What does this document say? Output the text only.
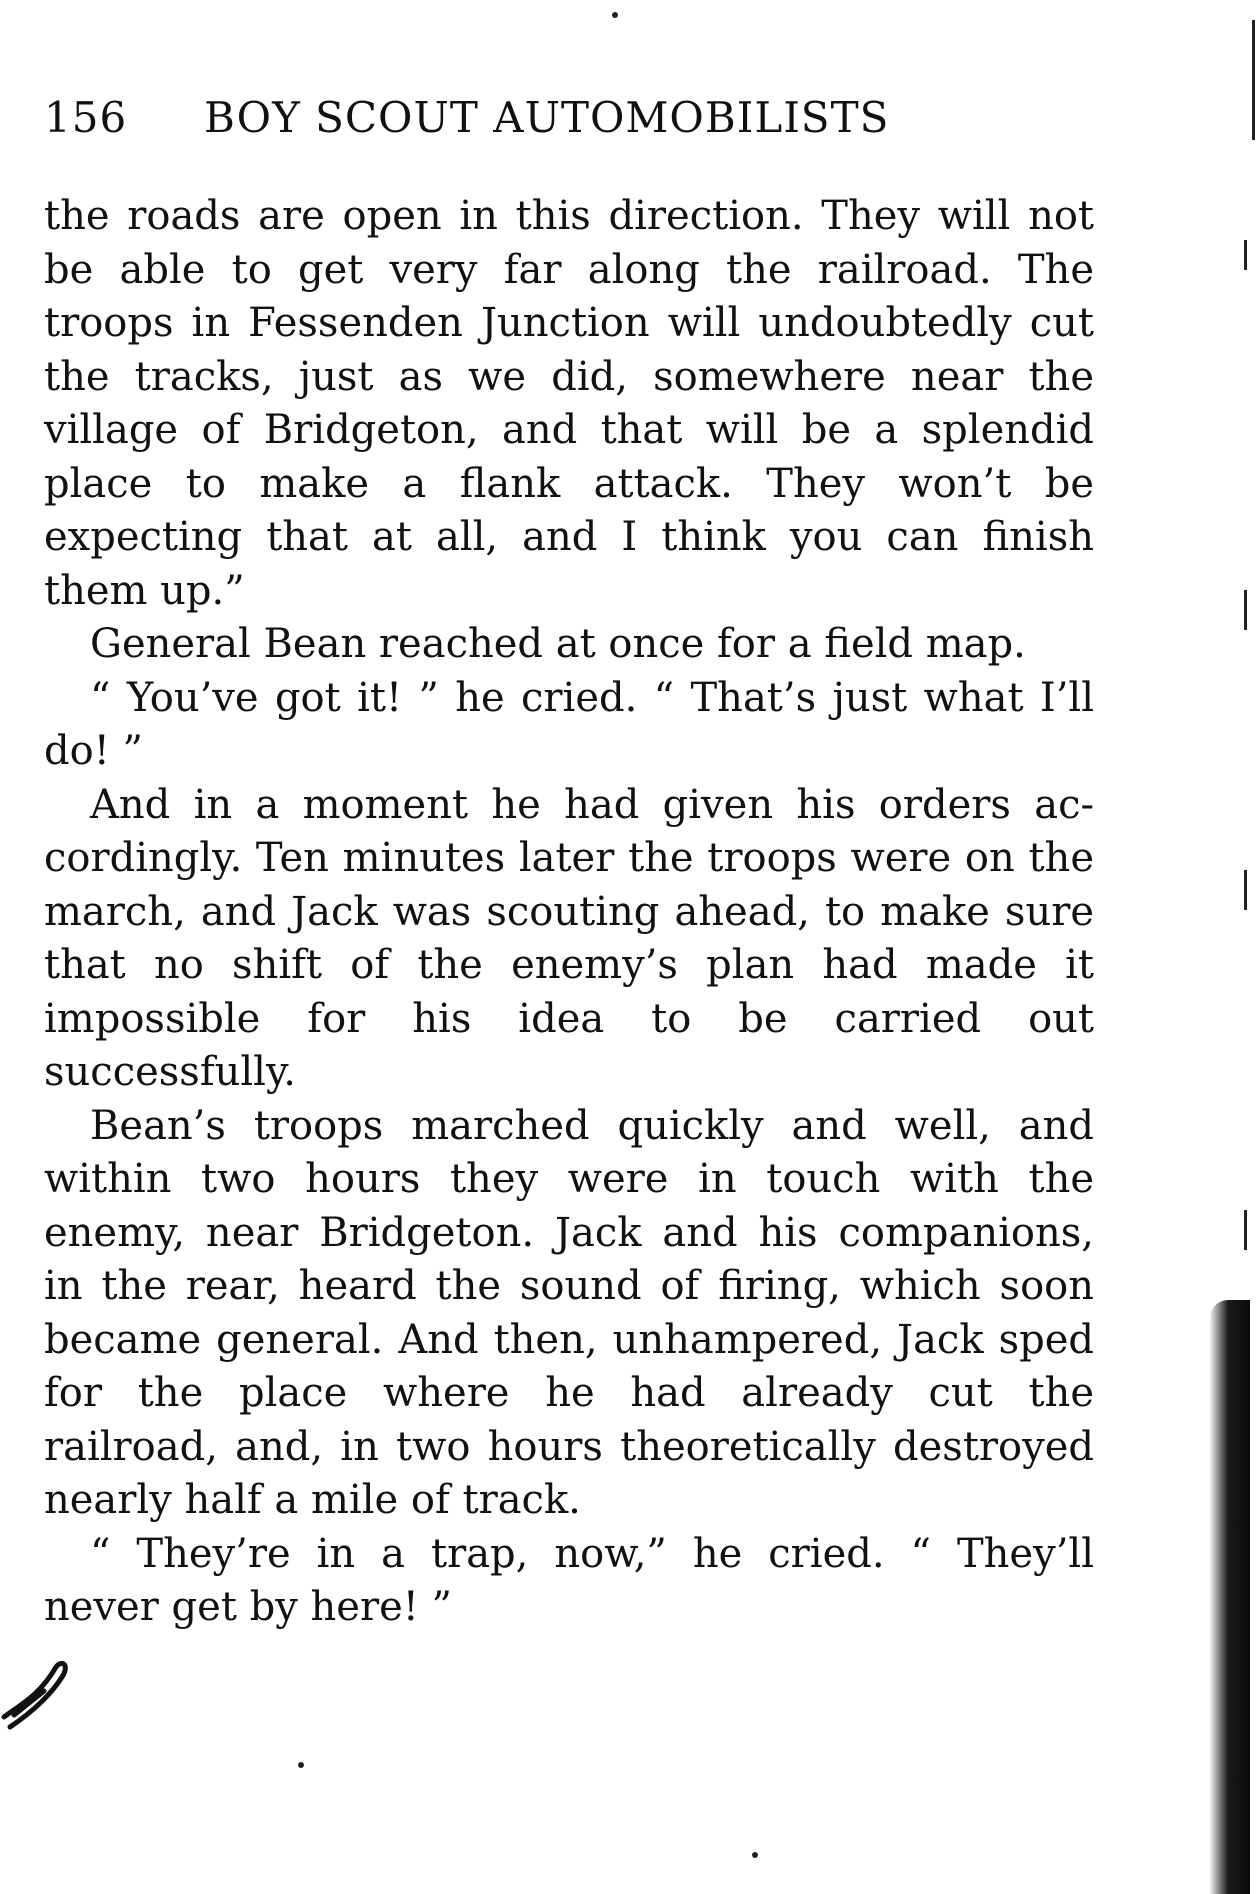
156 BOY SCOUT AUTOMOBILISTS

the roads are open in this direction. They will not be able to get very far along the railroad. The troops in Fessenden Junction will undoubtedly cut the tracks, just as we did, somewhere near the village of Bridgeton, and that will be a splendid place to make a flank attack. They won’t be expecting that at all, and I think you can finish them up.”

General Bean reached at once for a field map.

“ You’ve got it! ” he cried. “ That’s just what I’ll do! ”

And in a moment he had given his orders accordingly. Ten minutes later the troops were on the march, and Jack was scouting ahead, to make sure that no shift of the enemy’s plan had made it impossible for his idea to be carried out successfully.

Bean’s troops marched quickly and well, and within two hours they were in touch with the enemy, near Bridgeton. Jack and his companions, in the rear, heard the sound of firing, which soon became general. And then, unhampered, Jack sped for the place where he had already cut the railroad, and, in two hours theoretically destroyed nearly half a mile of track.

“ They’re in a trap, now,” he cried. “ They’ll never get by here! ”
